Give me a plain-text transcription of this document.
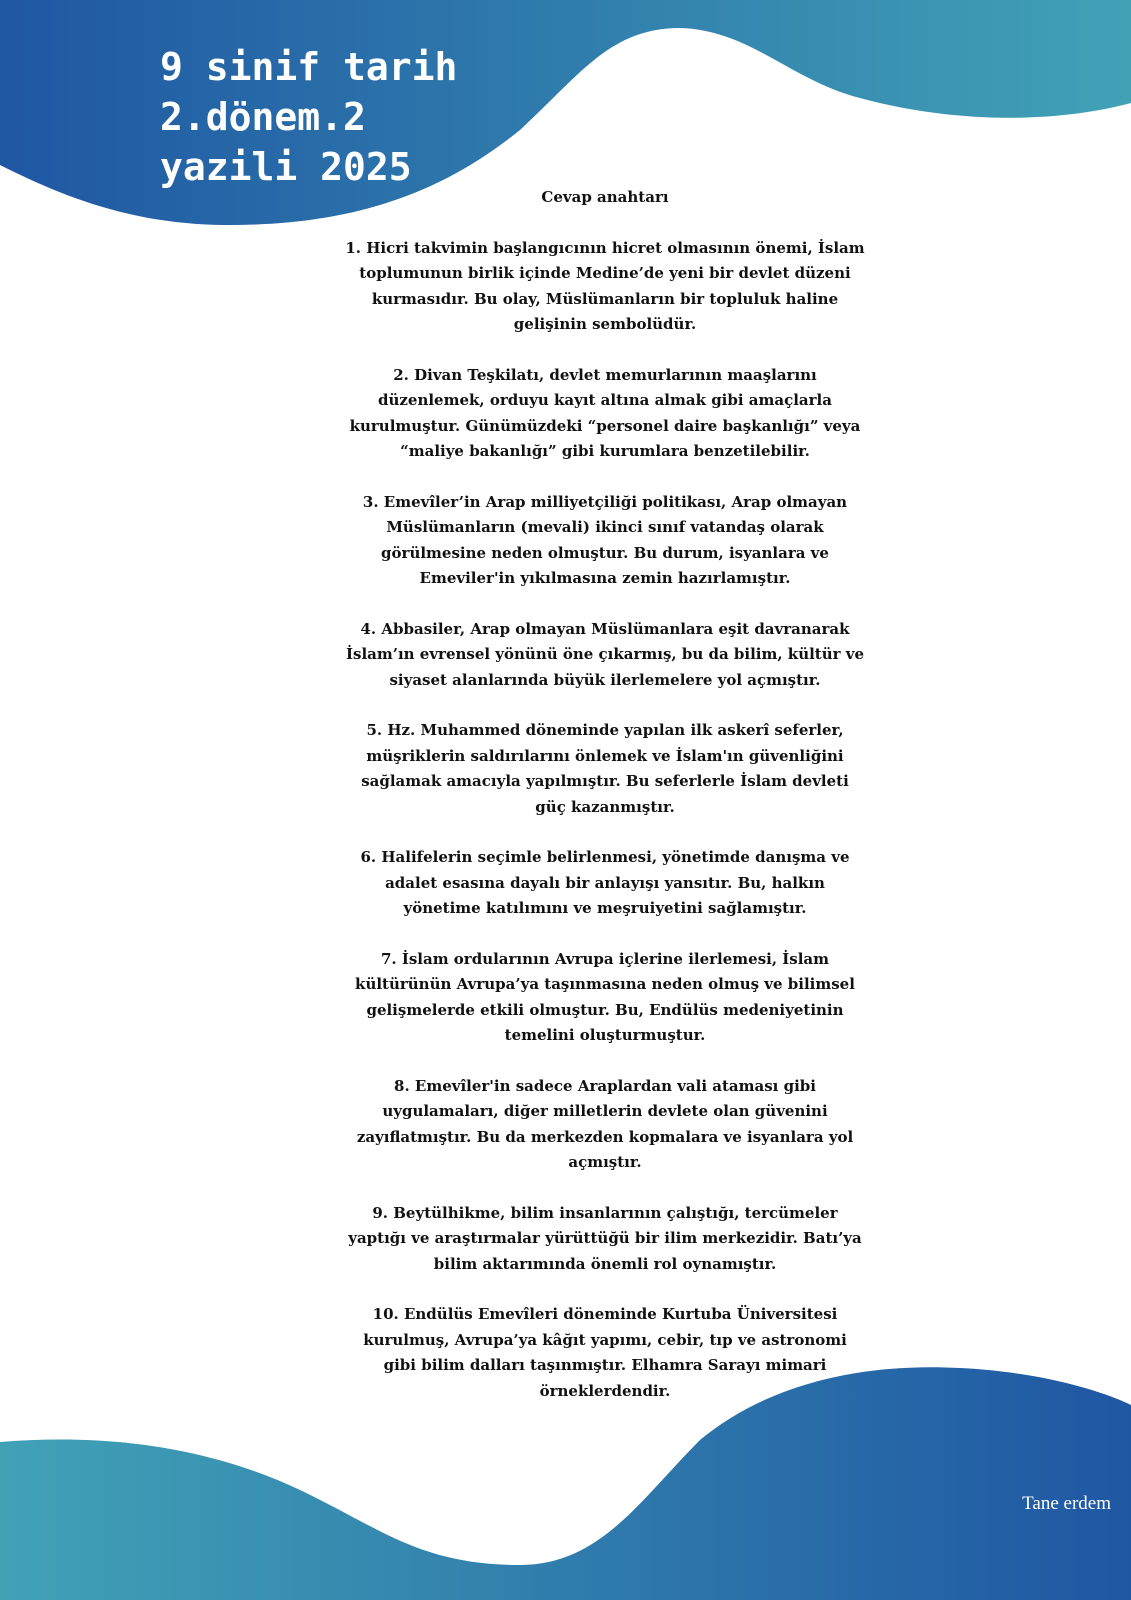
9 sinif tarih
2.dönem.2
yazili 2025

Cevap anahtarı

1. Hicri takvimin başlangıcının hicret olmasının önemi, İslam toplumunun birlik içinde Medine’de yeni bir devlet düzeni kurmasıdır. Bu olay, Müslümanların bir topluluk haline gelişinin sembolüdür.

2. Divan Teşkilatı, devlet memurlarının maaşlarını düzenlemek, orduyu kayıt altına almak gibi amaçlarla kurulmuştur. Günümüzdeki “personel daire başkanlığı” veya “maliye bakanlığı” gibi kurumlara benzetilebilir.

3. Emevîler’in Arap milliyetçiliği politikası, Arap olmayan Müslümanların (mevali) ikinci sınıf vatandaş olarak görülmesine neden olmuştur. Bu durum, isyanlara ve Emeviler'in yıkılmasına zemin hazırlamıştır.

4. Abbasiler, Arap olmayan Müslümanlara eşit davranarak İslam’ın evrensel yönünü öne çıkarmış, bu da bilim, kültür ve siyaset alanlarında büyük ilerlemelere yol açmıştır.

5. Hz. Muhammed döneminde yapılan ilk askerî seferler, müşriklerin saldırılarını önlemek ve İslam'ın güvenliğini sağlamak amacıyla yapılmıştır. Bu seferlerle İslam devleti güç kazanmıştır.

6. Halifelerin seçimle belirlenmesi, yönetimde danışma ve adalet esasına dayalı bir anlayışı yansıtır. Bu, halkın yönetime katılımını ve meşruiyetini sağlamıştır.

7. İslam ordularının Avrupa içlerine ilerlemesi, İslam kültürünün Avrupa’ya taşınmasına neden olmuş ve bilimsel gelişmelerde etkili olmuştur. Bu, Endülüs medeniyetinin temelini oluşturmuştur.

8. Emevîler'in sadece Araplardan vali ataması gibi uygulamaları, diğer milletlerin devlete olan güvenini zayıflatmıştır. Bu da merkezden kopmalara ve isyanlara yol açmıştır.

9. Beytülhikme, bilim insanlarının çalıştığı, tercümeler yaptığı ve araştırmalar yürüttüğü bir ilim merkezidir. Batı’ya bilim aktarımında önemli rol oynamıştır.

10. Endülüs Emevîleri döneminde Kurtuba Üniversitesi kurulmuş, Avrupa’ya kâğıt yapımı, cebir, tıp ve astronomi gibi bilim dalları taşınmıştır. Elhamra Sarayı mimari örneklerdendir.

Tane erdem
